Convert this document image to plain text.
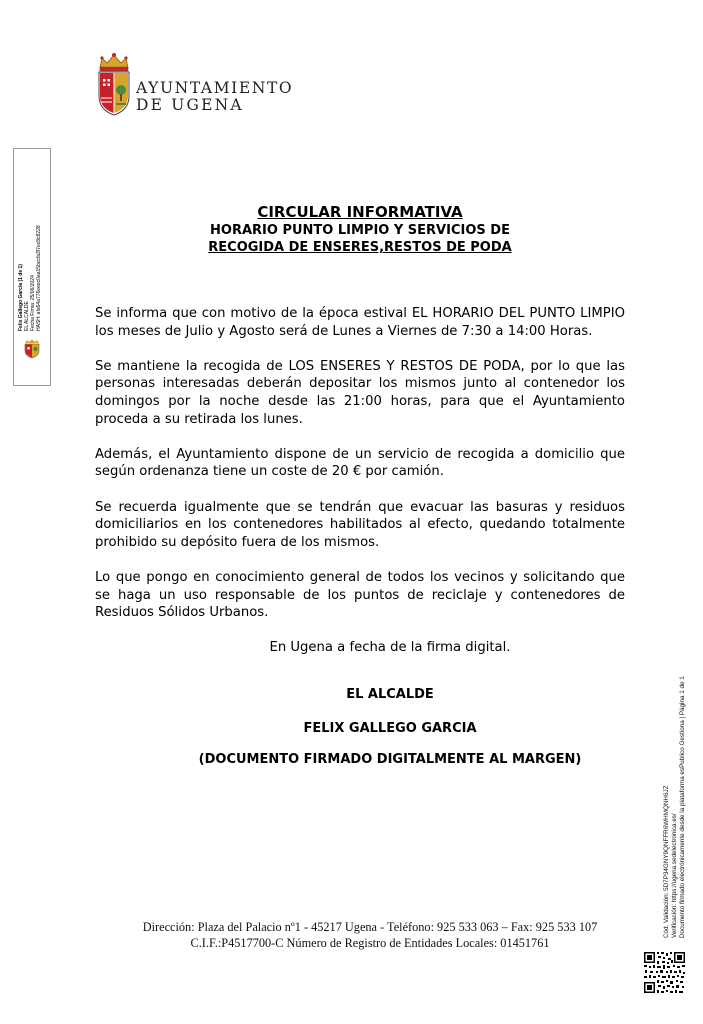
AYUNTAMIENTO
DE UGENA
Felix Gallego García (1 de 1)
EL ALCALDE
Fecha Firma: 25/06/2024
HASH: afa54a776eeec0aa15bccfa3f7ec8c8228
CIRCULAR INFORMATIVA
HORARIO PUNTO LIMPIO Y SERVICIOS DE
RECOGIDA DE ENSERES,RESTOS DE PODA

Se informa que con motivo de la época estival EL HORARIO DEL PUNTO LIMPIO los meses de Julio y Agosto será de Lunes a Viernes de 7:30 a 14:00 Horas.

Se mantiene la recogida de LOS ENSERES Y RESTOS DE PODA, por lo que las personas interesadas deberán depositar los mismos junto al contenedor los domingos por la noche desde las 21:00 horas, para que el Ayuntamiento proceda a su retirada los lunes.

Además, el Ayuntamiento dispone de un servicio de recogida a domicilio que según ordenanza tiene un coste de 20 € por camión.

Se recuerda igualmente que se tendrán que evacuar las basuras y residuos domiciliarios en los contenedores habilitados al efecto, quedando totalmente prohibido su depósito fuera de los mismos.

Lo que pongo en conocimiento general de todos los vecinos y solicitando que se haga un uso responsable de los puntos de reciclaje y contenedores de Residuos Sólidos Urbanos.

En Ugena a fecha de la firma digital.
EL ALCALDE
FELIX GALLEGO GARCIA
(DOCUMENTO FIRMADO DIGITALMENTE AL MARGEN)
Dirección: Plaza del Palacio nº1 - 45217 Ugena - Teléfono: 925 533 063 – Fax: 925 533 107
C.I.F.:P4517700-C Número de Registro de Entidades Locales: 01451761
Cód. Validación: 5D7P34GNY9QNFFR6WHMQNH6JZ
Verificación: https://ugena.sedelectronica.es/
Documento firmado electrónicamente desde la plataforma esPublico Gestiona | Página 1 de 1
